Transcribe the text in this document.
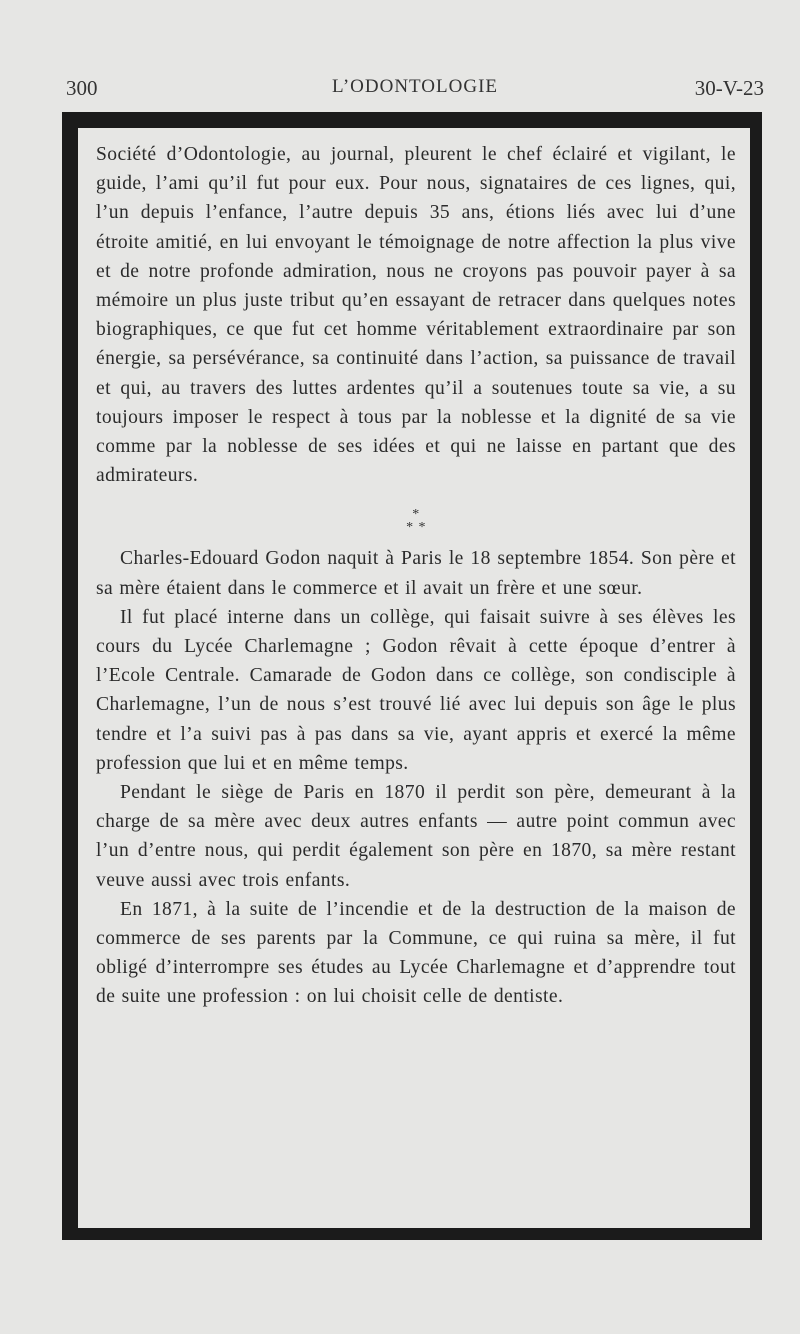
300	L’ODONTOLOGIE	30-V-23

Société d’Odontologie, au journal, pleurent le chef éclairé et vigilant, le guide, l’ami qu’il fut pour eux. Pour nous, signataires de ces lignes, qui, l’un depuis l’enfance, l’autre depuis 35 ans, étions liés avec lui d’une étroite amitié, en lui envoyant le témoignage de notre affection la plus vive et de notre profonde admiration, nous ne croyons pas pouvoir payer à sa mémoire un plus juste tribut qu’en essayant de retracer dans quelques notes biographiques, ce que fut cet homme véritablement extraordinaire par son énergie, sa persévérance, sa continuité dans l’action, sa puissance de travail et qui, au travers des luttes ardentes qu’il a soutenues toute sa vie, a su toujours imposer le respect à tous par la noblesse et la dignité de sa vie comme par la noblesse de ses idées et qui ne laisse en partant que des admirateurs.

*
* *

Charles-Edouard Godon naquit à Paris le 18 septembre 1854. Son père et sa mère étaient dans le commerce et il avait un frère et une sœur.

Il fut placé interne dans un collège, qui faisait suivre à ses élèves les cours du Lycée Charlemagne ; Godon rêvait à cette époque d’entrer à l’Ecole Centrale. Camarade de Godon dans ce collège, son condisciple à Charlemagne, l’un de nous s’est trouvé lié avec lui depuis son âge le plus tendre et l’a suivi pas à pas dans sa vie, ayant appris et exercé la même profession que lui et en même temps.

Pendant le siège de Paris en 1870 il perdit son père, demeurant à la charge de sa mère avec deux autres enfants — autre point commun avec l’un d’entre nous, qui perdit également son père en 1870, sa mère restant veuve aussi avec trois enfants.

En 1871, à la suite de l’incendie et de la destruction de la maison de commerce de ses parents par la Commune, ce qui ruina sa mère, il fut obligé d’interrompre ses études au Lycée Charlemagne et d’apprendre tout de suite une profession : on lui choisit celle de dentiste.
